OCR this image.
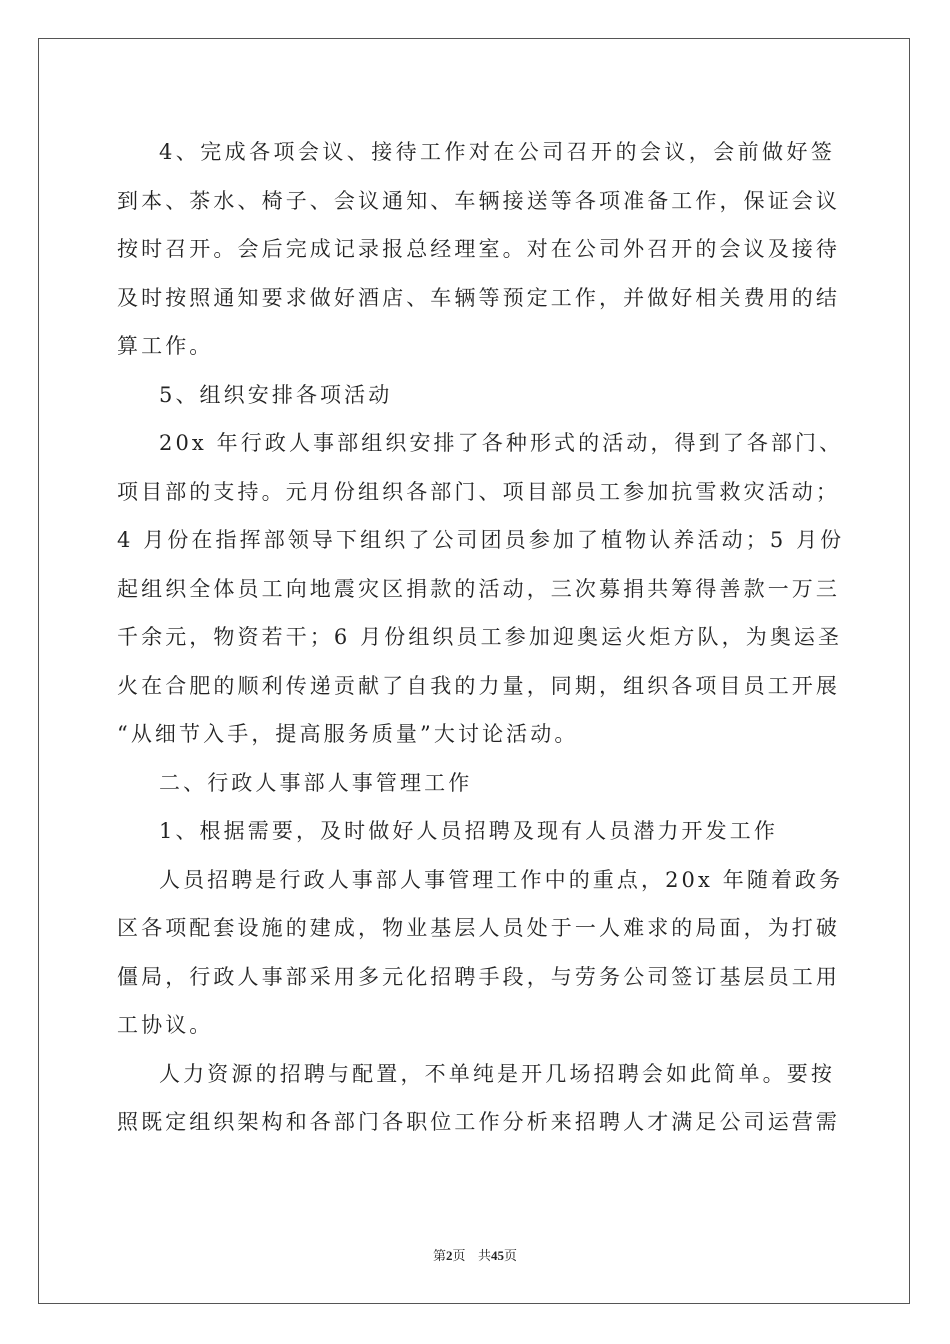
4、完成各项会议、接待工作对在公司召开的会议，会前做好签
到本、茶水、椅子、会议通知、车辆接送等各项准备工作，保证会议
按时召开。会后完成记录报总经理室。对在公司外召开的会议及接待
及时按照通知要求做好酒店、车辆等预定工作，并做好相关费用的结
算工作。

5、组织安排各项活动

20x 年行政人事部组织安排了各种形式的活动，得到了各部门、
项目部的支持。元月份组织各部门、项目部员工参加抗雪救灾活动；
4 月份在指挥部领导下组织了公司团员参加了植物认养活动；5 月份
起组织全体员工向地震灾区捐款的活动，三次募捐共筹得善款一万三
千余元，物资若干；6 月份组织员工参加迎奥运火炬方队，为奥运圣
火在合肥的顺利传递贡献了自我的力量，同期，组织各项目员工开展
“从细节入手，提高服务质量”大讨论活动。

二、行政人事部人事管理工作

1、根据需要，及时做好人员招聘及现有人员潜力开发工作

人员招聘是行政人事部人事管理工作中的重点，20x 年随着政务
区各项配套设施的建成，物业基层人员处于一人难求的局面，为打破
僵局，行政人事部采用多元化招聘手段，与劳务公司签订基层员工用
工协议。

人力资源的招聘与配置，不单纯是开几场招聘会如此简单。要按
照既定组织架构和各部门各职位工作分析来招聘人才满足公司运营需

第2页 共45页
